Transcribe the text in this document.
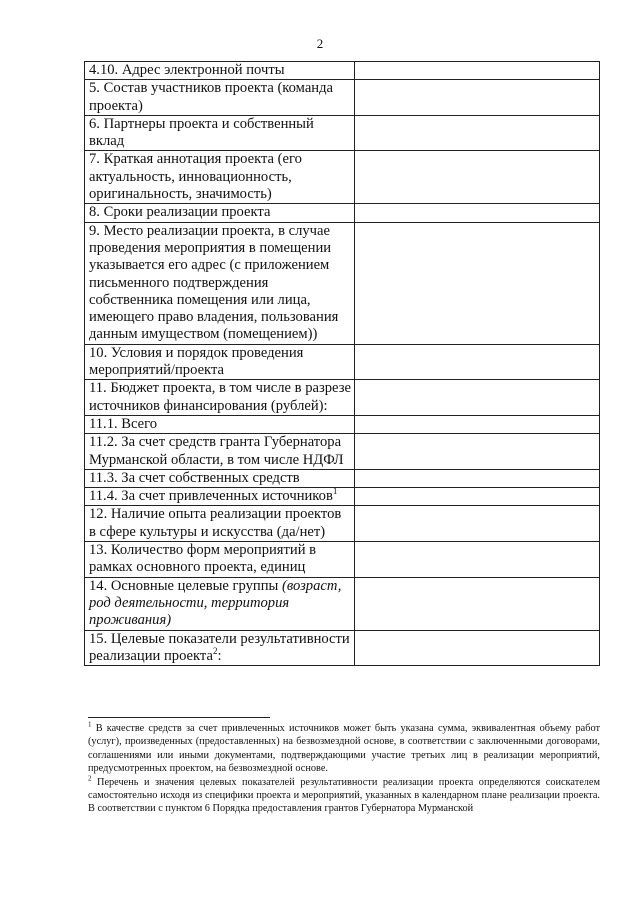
2
4.10. Адрес электронной почты	
5. Состав участников проекта (команда проекта)	
6. Партнеры проекта и собственный вклад	
7. Краткая аннотация проекта (его актуальность, инновационность, оригинальность, значимость)	
8. Сроки реализации проекта	
9. Место реализации проекта, в случае проведения мероприятия в помещении указывается его адрес (с приложением письменного подтверждения собственника помещения или лица, имеющего право владения, пользования данным имуществом (помещением))	
10. Условия и порядок проведения мероприятий/проекта	
11. Бюджет проекта, в том числе в разрезе источников финансирования (рублей):	
11.1. Всего	
11.2. За счет средств гранта Губернатора Мурманской области, в том числе НДФЛ	
11.3. За счет собственных средств	
11.4. За счет привлеченных источников$^1$	
12. Наличие опыта реализации проектов в сфере культуры и искусства (да/нет)	
13. Количество форм мероприятий в рамках основного проекта, единиц	
14. Основные целевые группы (возраст, род деятельности, территория проживания)	
15. Целевые показатели результативности реализации проекта$^2$:	

$^1$ В качестве средств за счет привлеченных источников может быть указана сумма, эквивалентная объему работ (услуг), произведенных (предоставленных) на безвозмездной основе, в соответствии с заключенными договорами, соглашениями или иными документами, подтверждающими участие третьих лиц в реализации мероприятий, предусмотренных проектом, на безвозмездной основе.

$^2$ Перечень и значения целевых показателей результативности реализации проекта определяются соискателем самостоятельно исходя из специфики проекта и мероприятий, указанных в календарном плане реализации проекта. В соответствии с пунктом 6 Порядка предоставления грантов Губернатора Мурманской
